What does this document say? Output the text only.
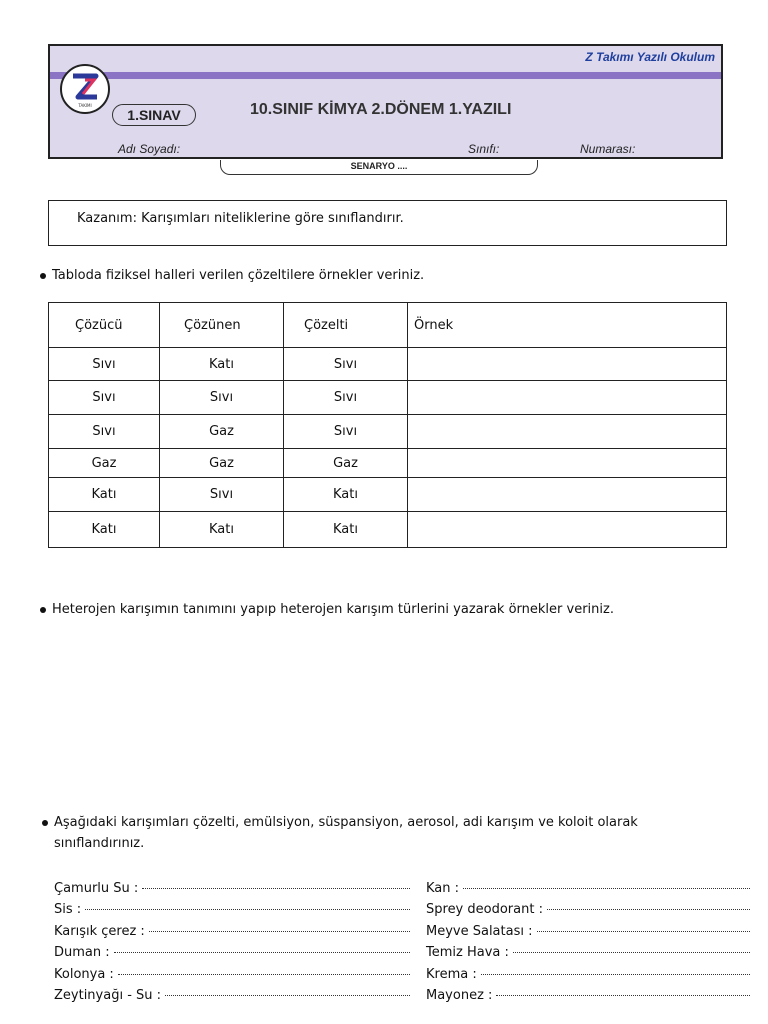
Z Takımı Yazılı Okulum
TAKIMI
1.SINAV	10.SINIF KİMYA 2.DÖNEM 1.YAZILI
Adı Soyadı:	Sınıfı:	Numarası:
SENARYO ....
Kazanım: Karışımları niteliklerine göre sınıflandırır.
Tabloda fiziksel halleri verilen çözeltilere örnekler veriniz.
Çözücü	Çözünen	Çözelti	Örnek
Sıvı	Katı	Sıvı	
Sıvı	Sıvı	Sıvı	
Sıvı	Gaz	Sıvı	
Gaz	Gaz	Gaz	
Katı	Sıvı	Katı	
Katı	Katı	Katı	
Heterojen karışımın tanımını yapıp heterojen karışım türlerini yazarak örnekler veriniz.
Aşağıdaki karışımları çözelti, emülsiyon, süspansiyon, aerosol, adi karışım ve koloit olarak
sınıflandırınız.
Çamurlu Su :
Sis :
Karışık çerez :
Duman :
Kolonya :
Zeytinyağı - Su :
Kan :
Sprey deodorant :
Meyve Salatası :
Temiz Hava :
Krema :
Mayonez :
